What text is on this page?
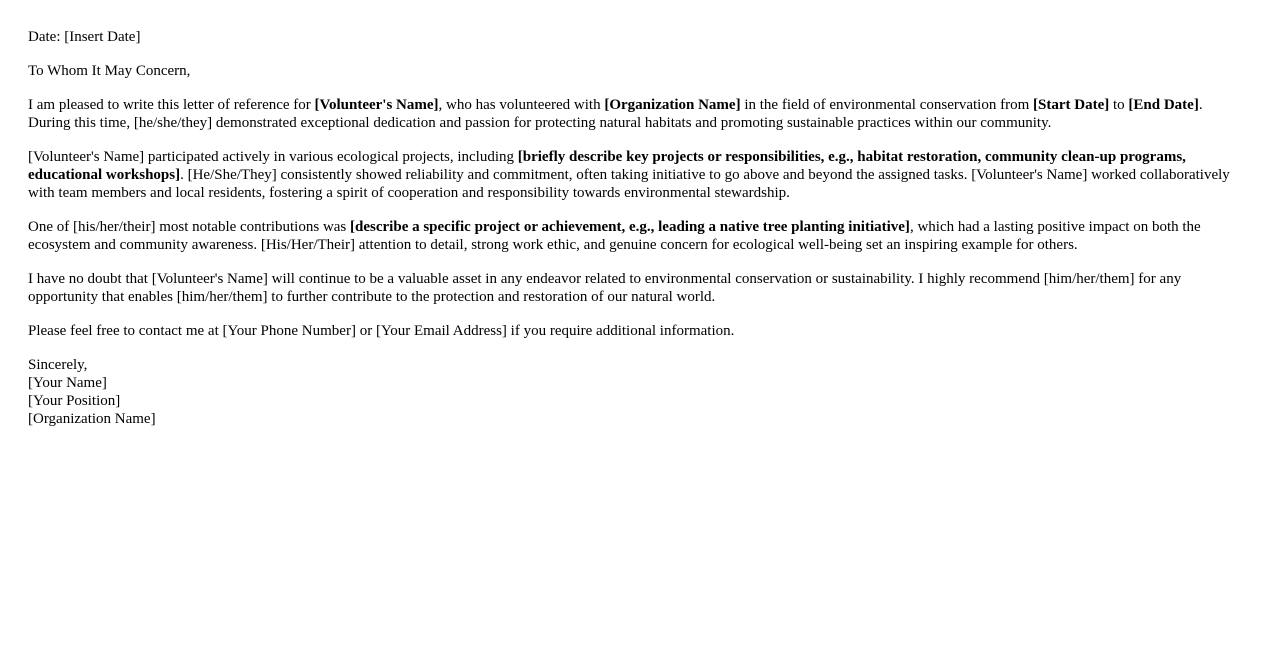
Date: [Insert Date]

To Whom It May Concern,

I am pleased to write this letter of reference for [Volunteer's Name], who has volunteered with [Organization Name] in the field of environmental conservation from [Start Date] to [End Date]. During this time, [he/she/they] demonstrated exceptional dedication and passion for protecting natural habitats and promoting sustainable practices within our community.

[Volunteer's Name] participated actively in various ecological projects, including [briefly describe key projects or responsibilities, e.g., habitat restoration, community clean-up programs, educational workshops]. [He/She/They] consistently showed reliability and commitment, often taking initiative to go above and beyond the assigned tasks. [Volunteer's Name] worked collaboratively with team members and local residents, fostering a spirit of cooperation and responsibility towards environmental stewardship.

One of [his/her/their] most notable contributions was [describe a specific project or achievement, e.g., leading a native tree planting initiative], which had a lasting positive impact on both the ecosystem and community awareness. [His/Her/Their] attention to detail, strong work ethic, and genuine concern for ecological well-being set an inspiring example for others.

I have no doubt that [Volunteer's Name] will continue to be a valuable asset in any endeavor related to environmental conservation or sustainability. I highly recommend [him/her/them] for any opportunity that enables [him/her/them] to further contribute to the protection and restoration of our natural world.

Please feel free to contact me at [Your Phone Number] or [Your Email Address] if you require additional information.

Sincerely,
[Your Name]
[Your Position]
[Organization Name]
